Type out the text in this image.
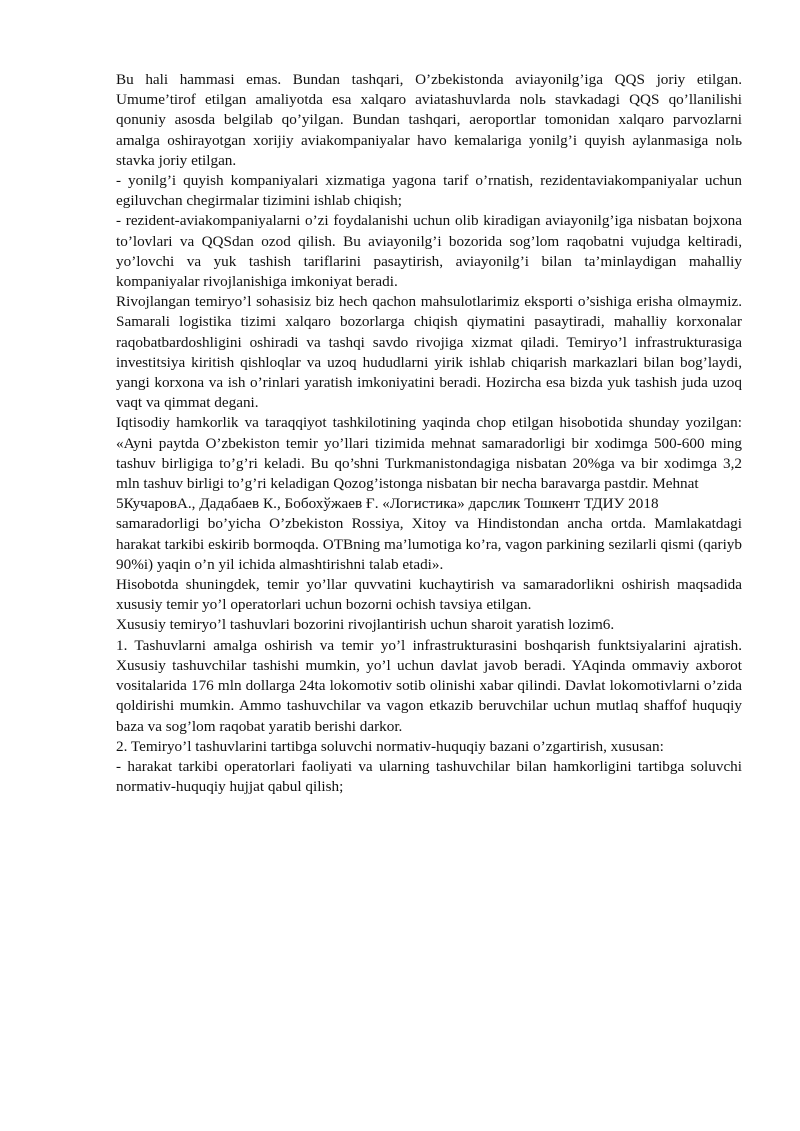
Bu hali hammasi emas. Bundan tashqari, O’zbekistonda aviayonilg’iga QQS joriy etilgan. Umume’tirof etilgan amaliyotda esa xalqaro aviatashuvlarda nolь stavkadagi QQS qo’llanilishi qonuniy asosda belgilab qo’yilgan. Bundan tashqari, aeroportlar tomonidan xalqaro parvozlarni amalga oshirayotgan xorijiy aviakompaniyalar havo kemalariga yonilg’i quyish aylanmasiga nolь stavka joriy etilgan.

- yonilg’i quyish kompaniyalari xizmatiga yagona tarif o’rnatish, rezidentaviakompaniyalar uchun egiluvchan chegirmalar tizimini ishlab chiqish;

- rezident-aviakompaniyalarni o’zi foydalanishi uchun olib kiradigan aviayonilg’iga nisbatan bojxona to’lovlari va QQSdan ozod qilish. Bu aviayonilg’i bozorida sog’lom raqobatni vujudga keltiradi, yo’lovchi va yuk tashish tariflarini pasaytirish, aviayonilg’i bilan ta’minlaydigan mahalliy kompaniyalar rivojlanishiga imkoniyat beradi.

Rivojlangan temiryo’l sohasisiz biz hech qachon mahsulotlarimiz eksporti o’sishiga erisha olmaymiz. Samarali logistika tizimi xalqaro bozorlarga chiqish qiymatini pasaytiradi, mahalliy korxonalar raqobatbardoshligini oshiradi va tashqi savdo rivojiga xizmat qiladi. Temiryo’l infrastrukturasiga investitsiya kiritish qishloqlar va uzoq hududlarni yirik ishlab chiqarish markazlari bilan bog’laydi, yangi korxona va ish o’rinlari yaratish imkoniyatini beradi. Hozircha esa bizda yuk tashish juda uzoq vaqt va qimmat degani.

Iqtisodiy hamkorlik va taraqqiyot tashkilotining yaqinda chop etilgan hisobotida shunday yozilgan: «Ayni paytda O’zbekiston temir yo’llari tizimida mehnat samaradorligi bir xodimga 500-600 ming tashuv birligiga to’g’ri keladi. Bu qo’shni Turkmanistondagiga nisbatan 20%ga va bir xodimga 3,2 mln tashuv birligi to’g’ri keladigan Qozog’istonga nisbatan bir necha baravarga pastdir. Mehnat

5КучаровА., Дадабаев К., Бобохўжаев Ғ. «Логистика» дарслик Тошкент ТДИУ 2018

samaradorligi bo’yicha O’zbekiston Rossiya, Xitoy va Hindistondan ancha ortda. Mamlakatdagi harakat tarkibi eskirib bormoqda. OTBning ma’lumotiga ko’ra, vagon parkining sezilarli qismi (qariyb 90%i) yaqin o’n yil ichida almashtirishni talab etadi».

Hisobotda shuningdek, temir yo’llar quvvatini kuchaytirish va samaradorlikni oshirish maqsadida xususiy temir yo’l operatorlari uchun bozorni ochish tavsiya etilgan.

Xususiy temiryo’l tashuvlari bozorini rivojlantirish uchun sharoit yaratish lozim6.

1. Tashuvlarni amalga oshirish va temir yo’l infrastrukturasini boshqarish funktsiyalarini ajratish. Xususiy tashuvchilar tashishi mumkin, yo’l uchun davlat javob beradi. YAqinda ommaviy axborot vositalarida 176 mln dollarga 24ta lokomotiv sotib olinishi xabar qilindi. Davlat lokomotivlarni o’zida qoldirishi mumkin. Ammo tashuvchilar va vagon etkazib beruvchilar uchun mutlaq shaffof huquqiy baza va sog’lom raqobat yaratib berishi darkor.

2. Temiryo’l tashuvlarini tartibga soluvchi normativ-huquqiy bazani o’zgartirish, xususan:

- harakat tarkibi operatorlari faoliyati va ularning tashuvchilar bilan hamkorligini tartibga soluvchi normativ-huquqiy hujjat qabul qilish;
